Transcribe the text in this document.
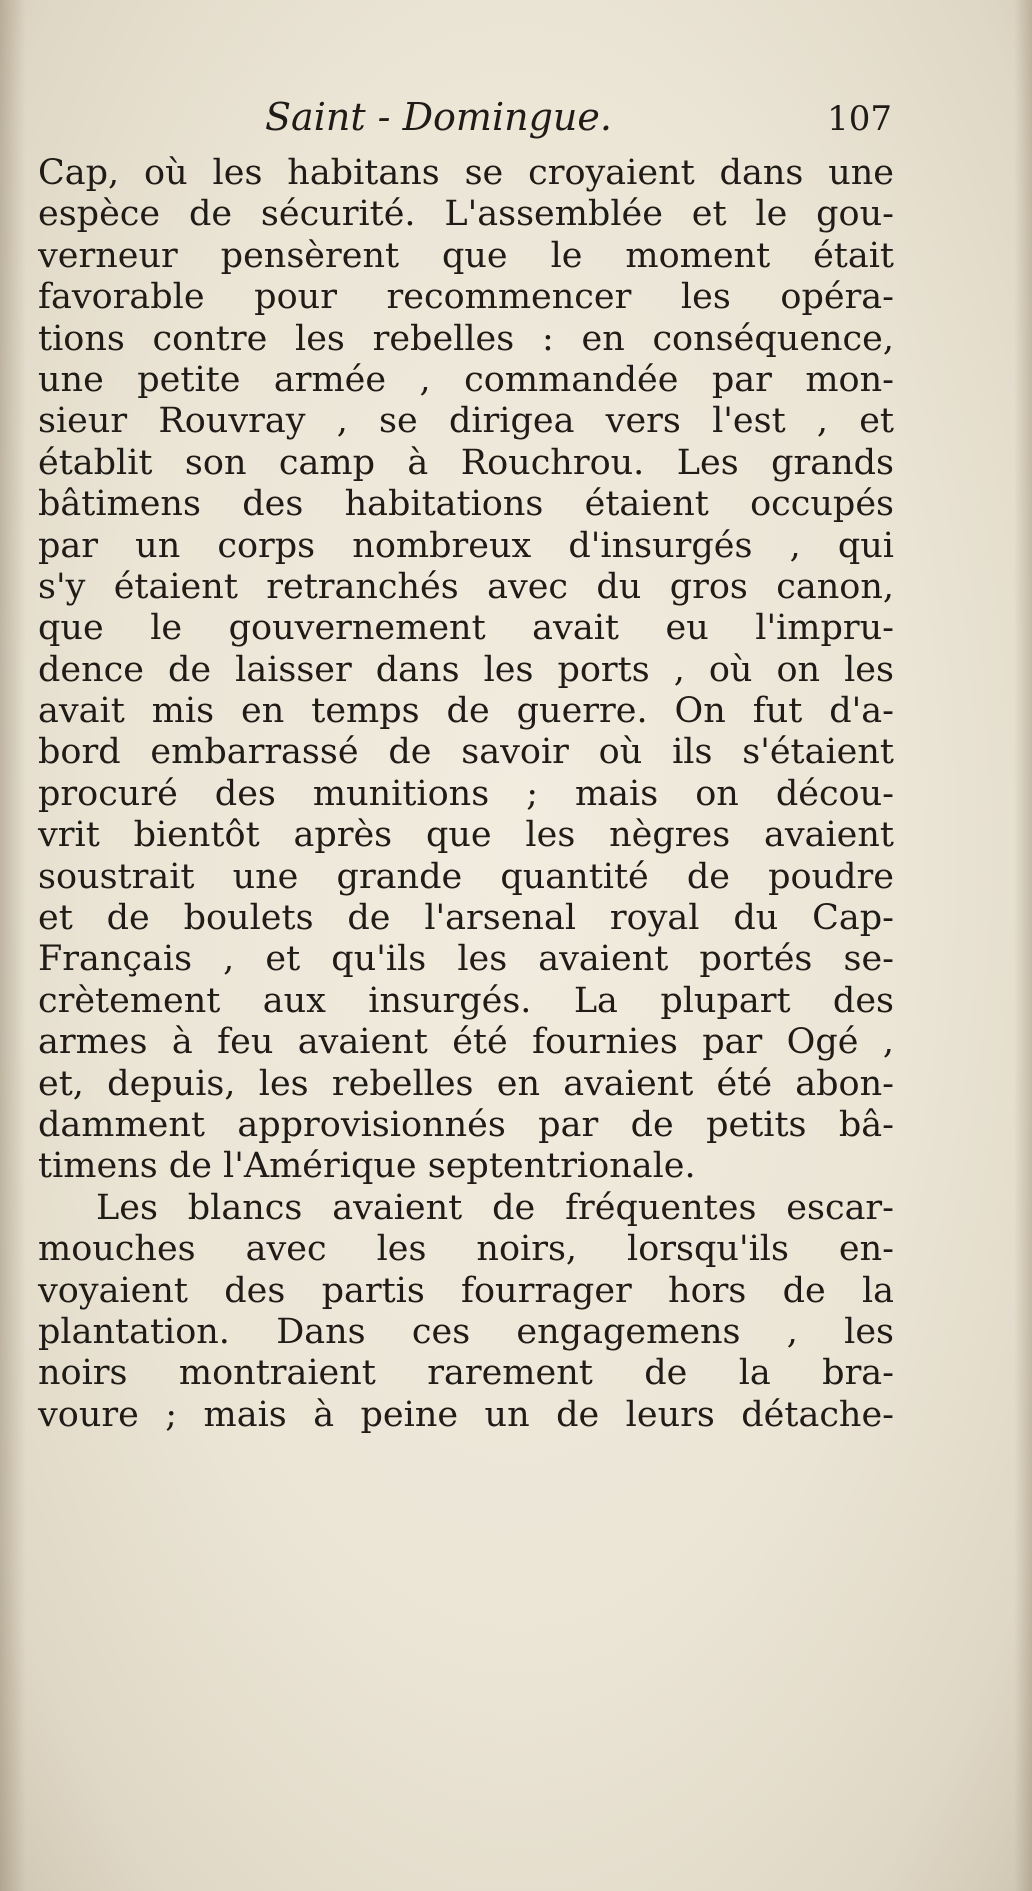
Saint - Domingue.	107
Cap, où les habitans se croyaient dans une
espèce de sécurité. L'assemblée et le gou-
verneur pensèrent que le moment était
favorable pour recommencer les opéra-
tions contre les rebelles : en conséquence,
une petite armée , commandée par mon-
sieur Rouvray , se dirigea vers l'est , et
établit son camp à Rouchrou. Les grands
bâtimens des habitations étaient occupés
par un corps nombreux d'insurgés , qui
s'y étaient retranchés avec du gros canon,
que le gouvernement avait eu l'impru-
dence de laisser dans les ports , où on les
avait mis en temps de guerre. On fut d'a-
bord embarrassé de savoir où ils s'étaient
procuré des munitions ; mais on décou-
vrit bientôt après que les nègres avaient
soustrait une grande quantité de poudre
et de boulets de l'arsenal royal du Cap-
Français , et qu'ils les avaient portés se-
crètement aux insurgés. La plupart des
armes à feu avaient été fournies par Ogé ,
et, depuis, les rebelles en avaient été abon-
damment approvisionnés par de petits bâ-
timens de l'Amérique septentrionale.
Les blancs avaient de fréquentes escar-
mouches avec les noirs, lorsqu'ils en-
voyaient des partis fourrager hors de la
plantation. Dans ces engagemens , les
noirs montraient rarement de la bra-
voure ; mais à peine un de leurs détache-
